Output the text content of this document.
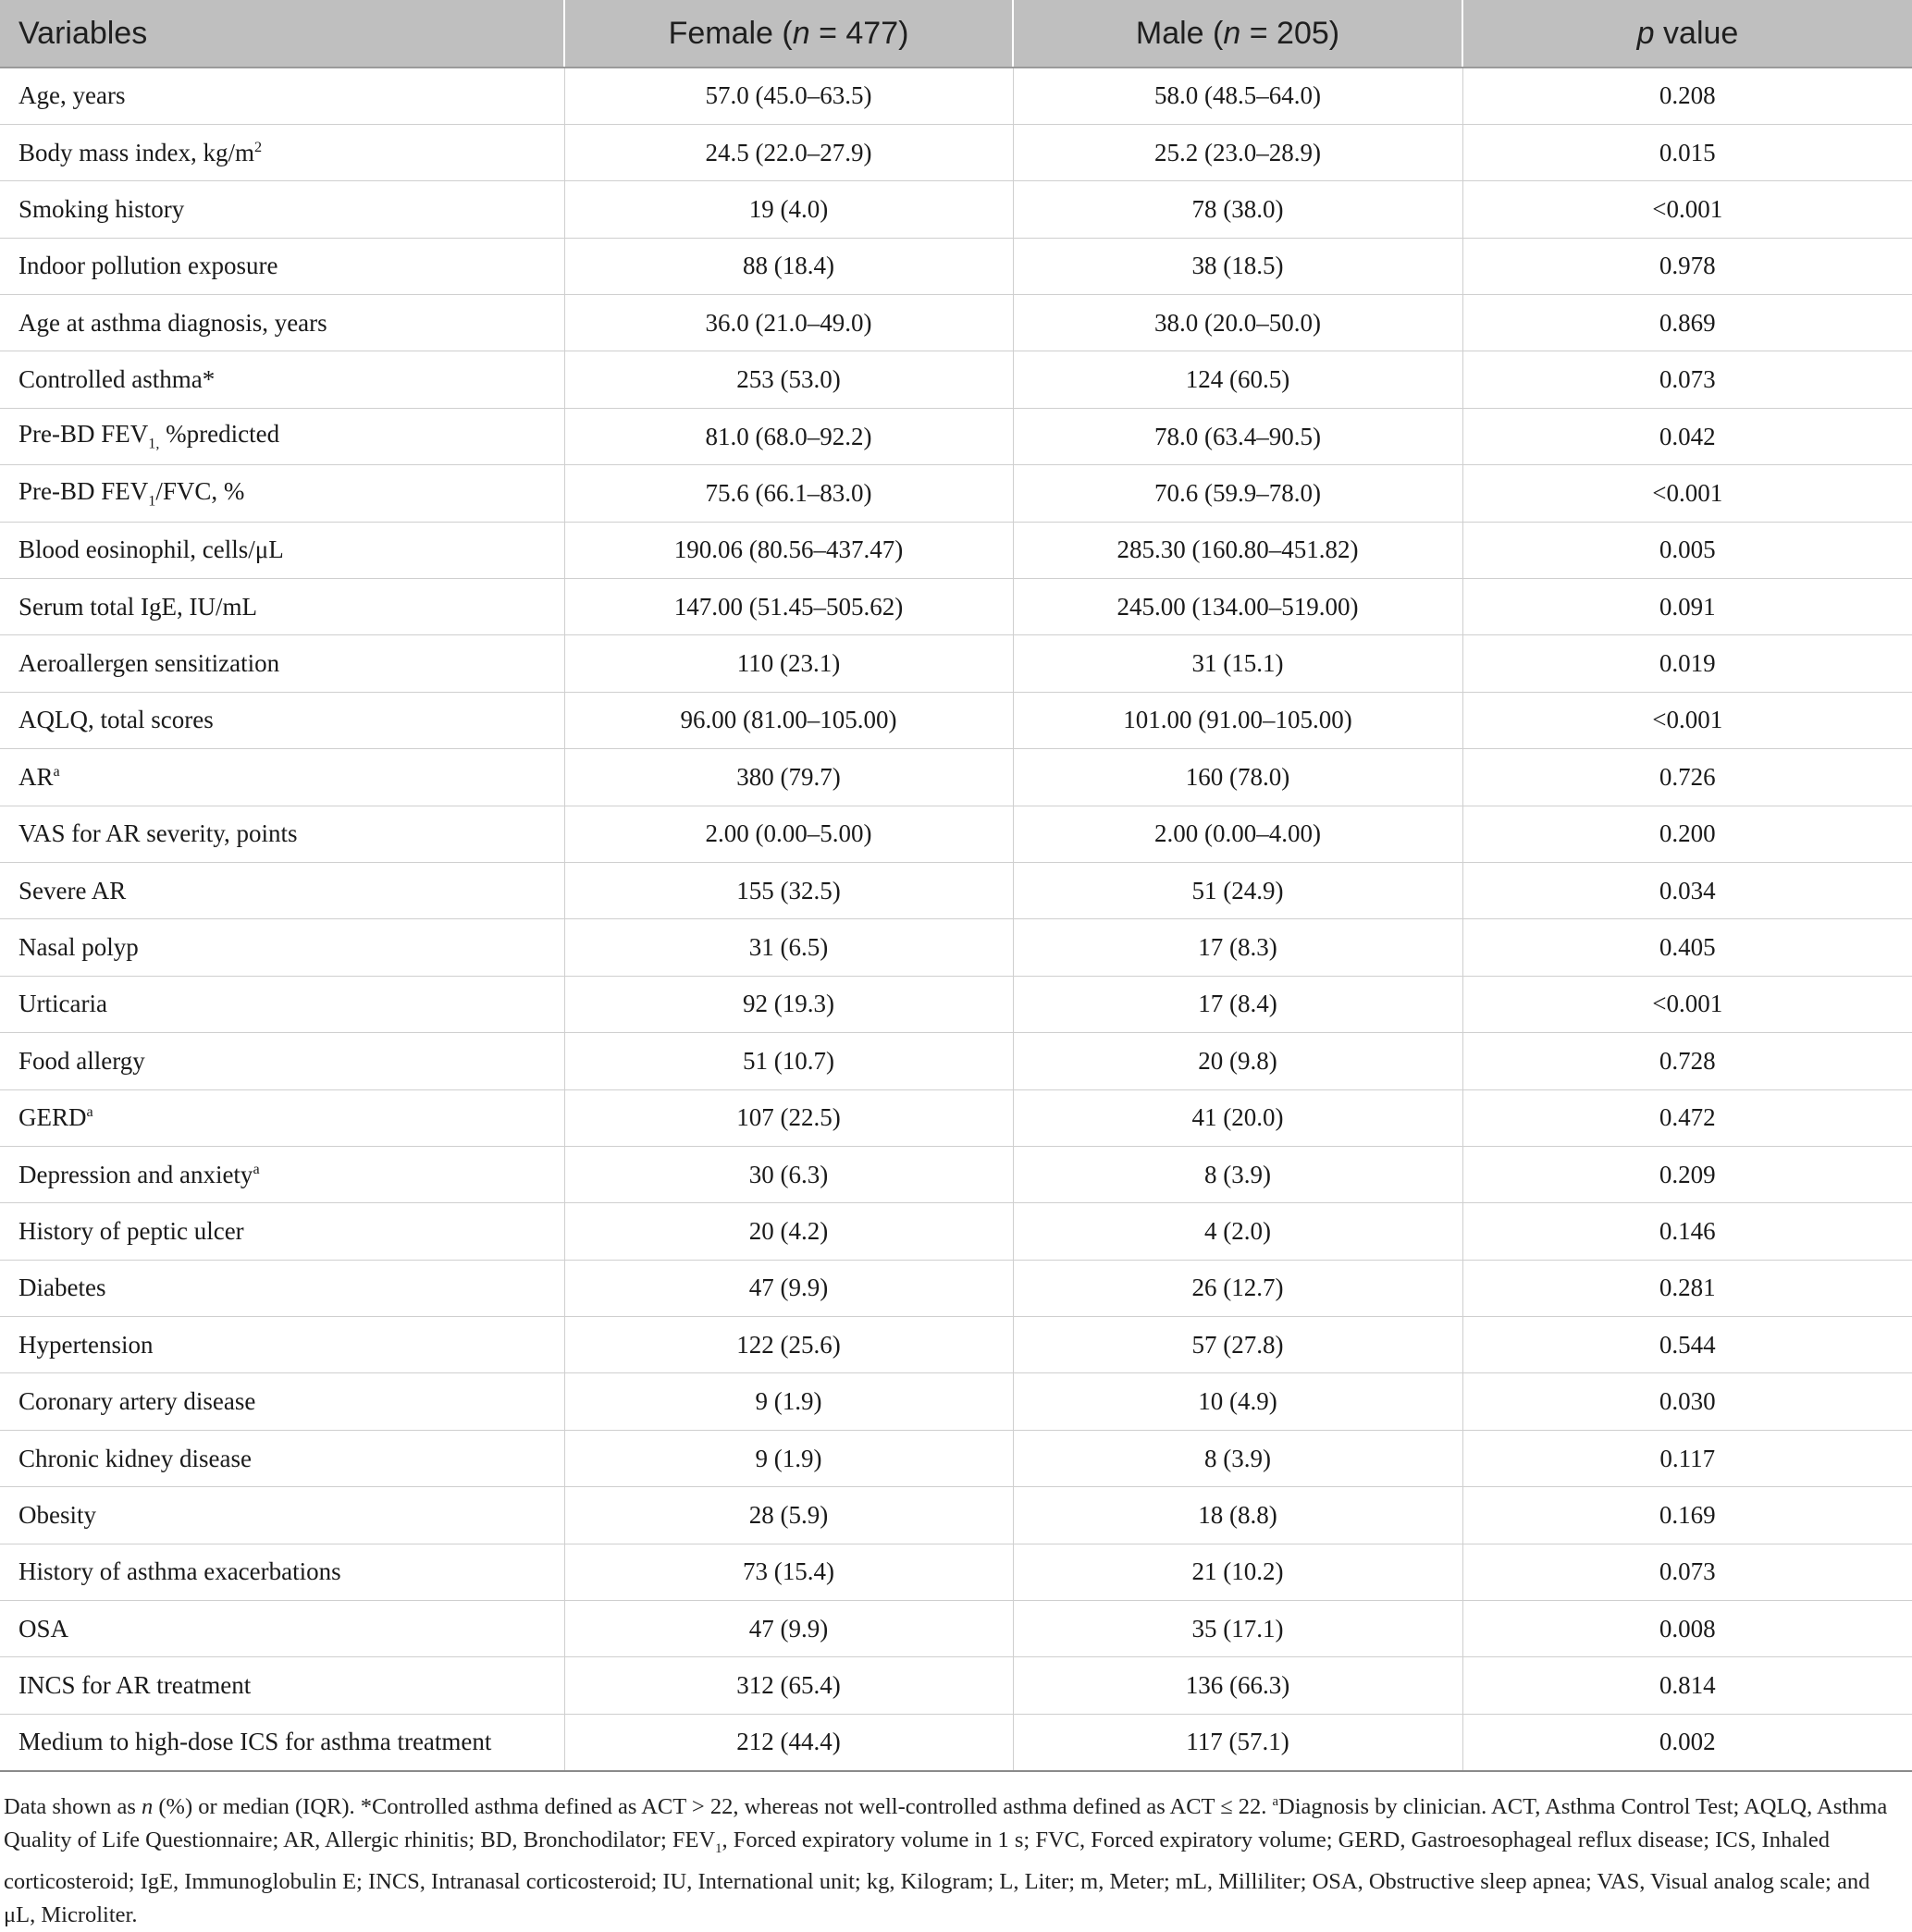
Variables	Female (n = 477)	Male (n = 205)	p value
Age, years	57.0 (45.0–63.5)	58.0 (48.5–64.0)	0.208
Body mass index, $kg/m^2$	24.5 (22.0–27.9)	25.2 (23.0–28.9)	0.015
Smoking history	19 (4.0)	78 (38.0)	<0.001
Indoor pollution exposure	88 (18.4)	38 (18.5)	0.978
Age at asthma diagnosis, years	36.0 (21.0–49.0)	38.0 (20.0–50.0)	0.869
Controlled asthma*	253 (53.0)	124 (60.5)	0.073
Pre-BD $FEV_{1,}$ %predicted	81.0 (68.0–92.2)	78.0 (63.4–90.5)	0.042
Pre-BD $FEV_1$/FVC, %	75.6 (66.1–83.0)	70.6 (59.9–78.0)	<0.001
Blood eosinophil, cells/μL	190.06 (80.56–437.47)	285.30 (160.80–451.82)	0.005
Serum total IgE, IU/mL	147.00 (51.45–505.62)	245.00 (134.00–519.00)	0.091
Aeroallergen sensitization	110 (23.1)	31 (15.1)	0.019
AQLQ, total scores	96.00 (81.00–105.00)	101.00 (91.00–105.00)	<0.001
$AR^a$	380 (79.7)	160 (78.0)	0.726
VAS for AR severity, points	2.00 (0.00–5.00)	2.00 (0.00–4.00)	0.200
Severe AR	155 (32.5)	51 (24.9)	0.034
Nasal polyp	31 (6.5)	17 (8.3)	0.405
Urticaria	92 (19.3)	17 (8.4)	<0.001
Food allergy	51 (10.7)	20 (9.8)	0.728
GERD$^a$	107 (22.5)	41 (20.0)	0.472
Depression and anxiety$^a$	30 (6.3)	8 (3.9)	0.209
History of peptic ulcer	20 (4.2)	4 (2.0)	0.146
Diabetes	47 (9.9)	26 (12.7)	0.281
Hypertension	122 (25.6)	57 (27.8)	0.544
Coronary artery disease	9 (1.9)	10 (4.9)	0.030
Chronic kidney disease	9 (1.9)	8 (3.9)	0.117
Obesity	28 (5.9)	18 (8.8)	0.169
History of asthma exacerbations	73 (15.4)	21 (10.2)	0.073
OSA	47 (9.9)	35 (17.1)	0.008
INCS for AR treatment	312 (65.4)	136 (66.3)	0.814
Medium to high-dose ICS for asthma treatment	212 (44.4)	117 (57.1)	0.002

Data shown as n (%) or median (IQR). *Controlled asthma defined as ACT > 22, whereas not well-controlled asthma defined as ACT ≤ 22. $^a$Diagnosis by clinician. ACT, Asthma Control Test; AQLQ, Asthma Quality of Life Questionnaire; AR, Allergic rhinitis; BD, Bronchodilator; $FEV_1$, Forced expiratory volume in 1 s; FVC, Forced expiratory volume; GERD, Gastroesophageal reflux disease; ICS, Inhaled corticosteroid; IgE, Immunoglobulin E; INCS, Intranasal corticosteroid; IU, International unit; kg, Kilogram; L, Liter; m, Meter; mL, Milliliter; OSA, Obstructive sleep apnea; VAS, Visual analog scale; and μL, Microliter.
